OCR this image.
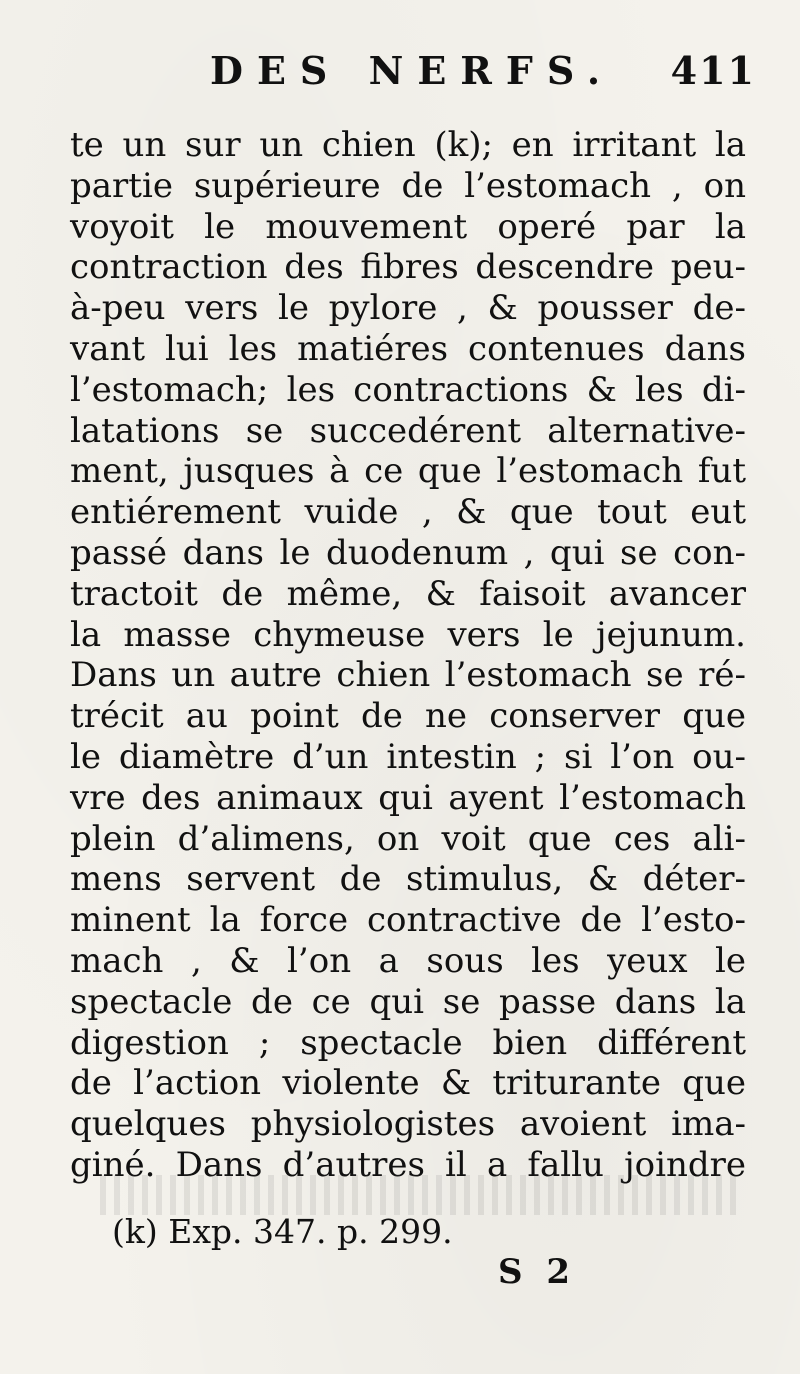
DES NERFS. 411
te un sur un chien (k); en irritant la
partie supérieure de l’estomach , on
voyoit le mouvement operé par la
contraction des fibres descendre peu-
à-peu vers le pylore , & pousser de-
vant lui les matiéres contenues dans
l’estomach; les contractions & les di-
latations se succedérent alternative-
ment, jusques à ce que l’estomach fut
entiérement vuide , & que tout eut
passé dans le duodenum , qui se con-
tractoit de même, & faisoit avancer
la masse chymeuse vers le jejunum.
Dans un autre chien l’estomach se ré-
trécit au point de ne conserver que
le diamètre d’un intestin ; si l’on ou-
vre des animaux qui ayent l’estomach
plein d’alimens, on voit que ces ali-
mens servent de stimulus, & déter-
minent la force contractive de l’esto-
mach , & l’on a sous les yeux le
spectacle de ce qui se passe dans la
digestion ; spectacle bien différent
de l’action violente & triturante que
quelques physiologistes avoient ima-
giné. Dans d’autres il a fallu joindre
(k) Exp. 347. p. 299.
S 2
